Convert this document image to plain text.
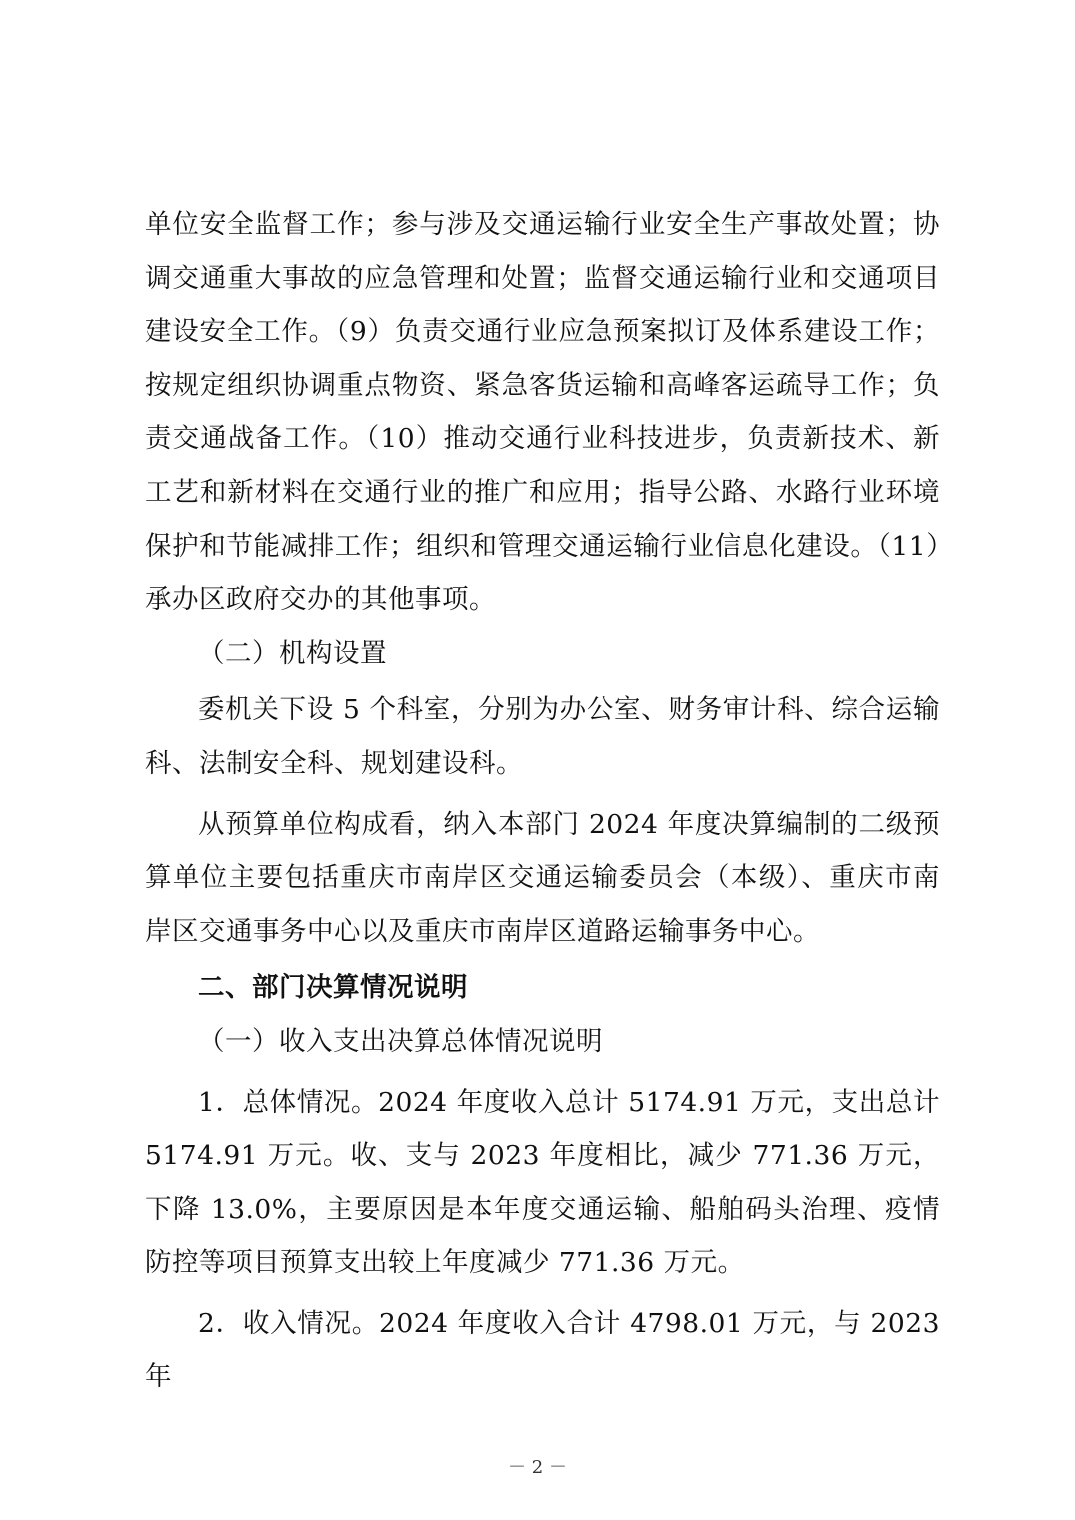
单位安全监督工作；参与涉及交通运输行业安全生产事故处置；协调交通重大事故的应急管理和处置；监督交通运输行业和交通项目建设安全工作。（9）负责交通行业应急预案拟订及体系建设工作；按规定组织协调重点物资、紧急客货运输和高峰客运疏导工作；负责交通战备工作。（10）推动交通行业科技进步，负责新技术、新工艺和新材料在交通行业的推广和应用；指导公路、水路行业环境保护和节能减排工作；组织和管理交通运输行业信息化建设。（11）承办区政府交办的其他事项。

（二）机构设置

委机关下设 5 个科室，分别为办公室、财务审计科、综合运输科、法制安全科、规划建设科。

从预算单位构成看，纳入本部门 2024 年度决算编制的二级预算单位主要包括重庆市南岸区交通运输委员会（本级）、重庆市南岸区交通事务中心以及重庆市南岸区道路运输事务中心。

二、部门决算情况说明

（一）收入支出决算总体情况说明

1．总体情况。2024 年度收入总计 5174.91 万元，支出总计 5174.91 万元。收、支与 2023 年度相比，减少 771.36 万元，下降 13.0%，主要原因是本年度交通运输、船舶码头治理、疫情防控等项目预算支出较上年度减少 771.36 万元。

2．收入情况。2024 年度收入合计 4798.01 万元，与 2023 年

－ 2 －
